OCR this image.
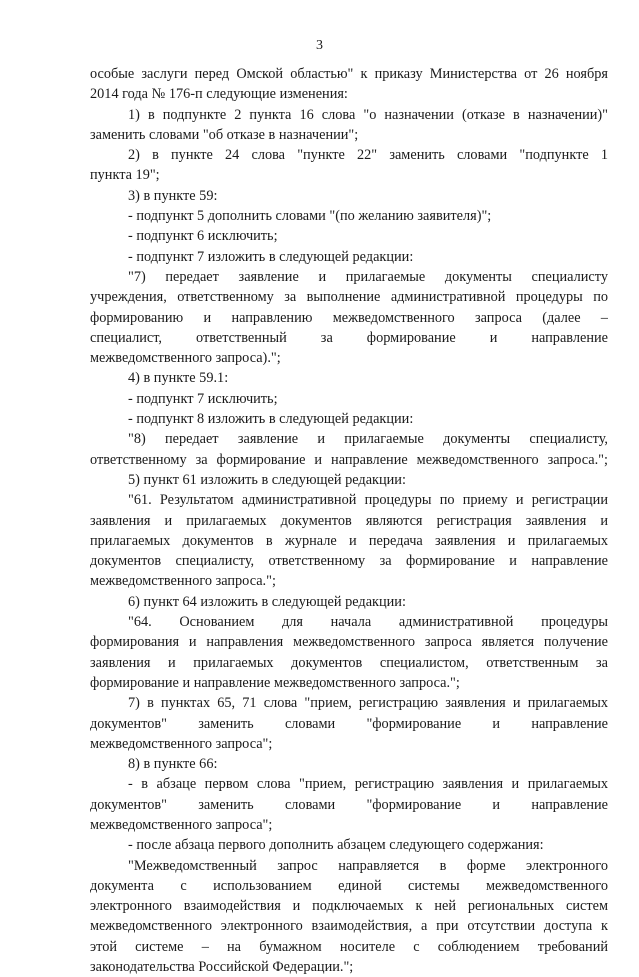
3
особые заслуги перед Омской областью" к приказу Министерства от 26 ноября
2014 года № 176-п следующие изменения:
1) в подпункте 2 пункта 16 слова "о назначении (отказе в назначении)"
заменить словами "об отказе в назначении";
2) в пункте 24 слова "пункте 22" заменить словами "подпункте 1
пункта 19";
3) в пункте 59:
- подпункт 5 дополнить словами "(по желанию заявителя)";
- подпункт 6 исключить;
- подпункт 7 изложить в следующей редакции:
"7) передает заявление и прилагаемые документы специалисту
учреждения, ответственному за выполнение административной процедуры по
формированию и направлению межведомственного запроса (далее –
специалист, ответственный за формирование и направление
межведомственного запроса).";
4) в пункте 59.1:
- подпункт 7 исключить;
- подпункт 8 изложить в следующей редакции:
"8) передает заявление и прилагаемые документы специалисту,
ответственному за формирование и направление межведомственного запроса.";
5) пункт 61 изложить в следующей редакции:
"61. Результатом административной процедуры по приему и регистрации
заявления и прилагаемых документов являются регистрация заявления и
прилагаемых документов в журнале и передача заявления и прилагаемых
документов специалисту, ответственному за формирование и направление
межведомственного запроса.";
6) пункт 64 изложить в следующей редакции:
"64. Основанием для начала административной процедуры
формирования и направления межведомственного запроса является получение
заявления и прилагаемых документов специалистом, ответственным за
формирование и направление межведомственного запроса.";
7) в пунктах 65, 71 слова "прием, регистрацию заявления и прилагаемых
документов" заменить словами "формирование и направление
межведомственного запроса";
8) в пункте 66:
- в абзаце первом слова "прием, регистрацию заявления и прилагаемых
документов" заменить словами "формирование и направление
межведомственного запроса";
- после абзаца первого дополнить абзацем следующего содержания:
"Межведомственный запрос направляется в форме электронного
документа с использованием единой системы межведомственного
электронного взаимодействия и подключаемых к ней региональных систем
межведомственного электронного взаимодействия, а при отсутствии доступа к
этой системе – на бумажном носителе с соблюдением требований
законодательства Российской Федерации.";
